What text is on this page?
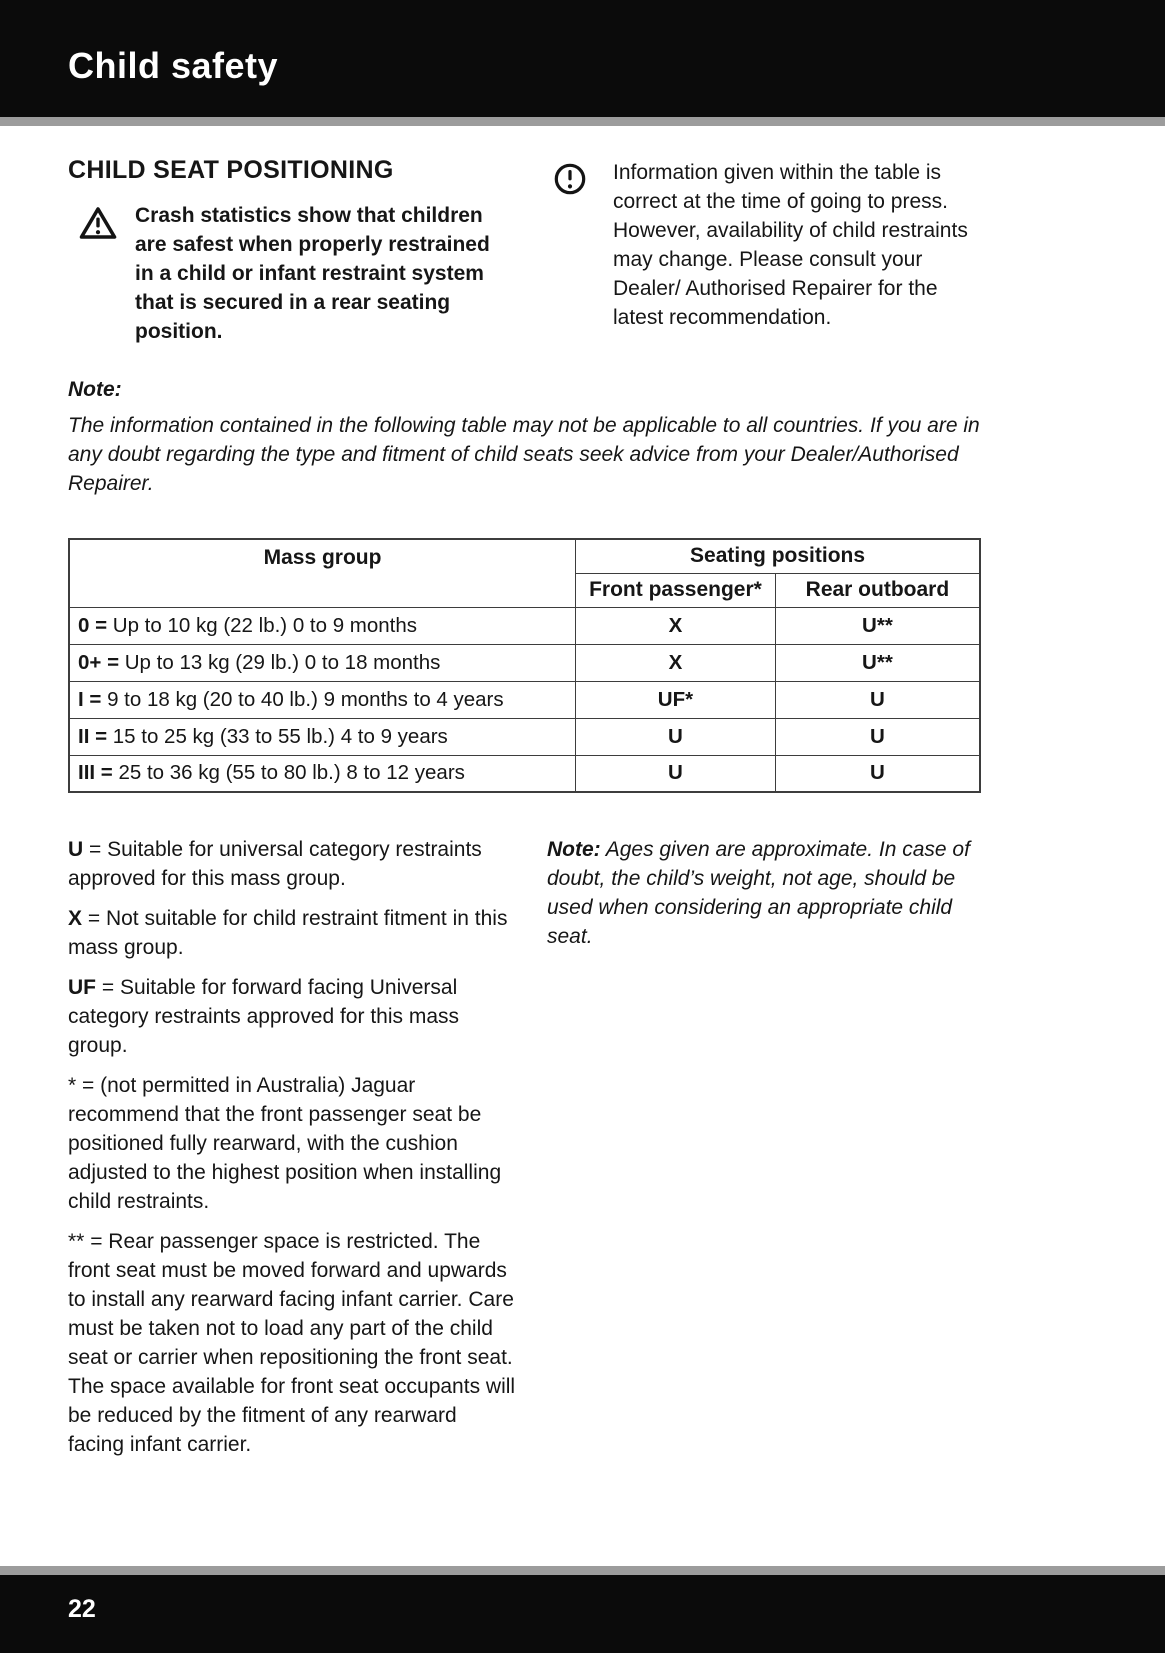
Child safety
CHILD SEAT POSITIONING

Crash statistics show that children are safest when properly restrained in a child or infant restraint system that is secured in a rear seating position.

Information given within the table is correct at the time of going to press. However, availability of child restraints may change. Please consult your Dealer/ Authorised Repairer for the latest recommendation.

Note:

The information contained in the following table may not be applicable to all countries. If you are in any doubt regarding the type and fitment of child seats seek advice from your Dealer/Authorised Repairer.

Mass group	Seating positions	
	Front passenger*	Rear outboard
0 = Up to 10 kg (22 lb.) 0 to 9 months	X	U**
0+ = Up to 13 kg (29 lb.) 0 to 18 months	X	U**
I = 9 to 18 kg (20 to 40 lb.) 9 months to 4 years	UF*	U
II = 15 to 25 kg (33 to 55 lb.) 4 to 9 years	U	U
III = 25 to 36 kg (55 to 80 lb.) 8 to 12 years	U	U

U = Suitable for universal category restraints approved for this mass group.

X = Not suitable for child restraint fitment in this mass group.

UF = Suitable for forward facing Universal category restraints approved for this mass group.

* = (not permitted in Australia) Jaguar recommend that the front passenger seat be positioned fully rearward, with the cushion adjusted to the highest position when installing child restraints.

** = Rear passenger space is restricted. The front seat must be moved forward and upwards to install any rearward facing infant carrier. Care must be taken not to load any part of the child seat or carrier when repositioning the front seat. The space available for front seat occupants will be reduced by the fitment of any rearward facing infant carrier.

Note: Ages given are approximate. In case of doubt, the child’s weight, not age, should be used when considering an appropriate child seat.

22
